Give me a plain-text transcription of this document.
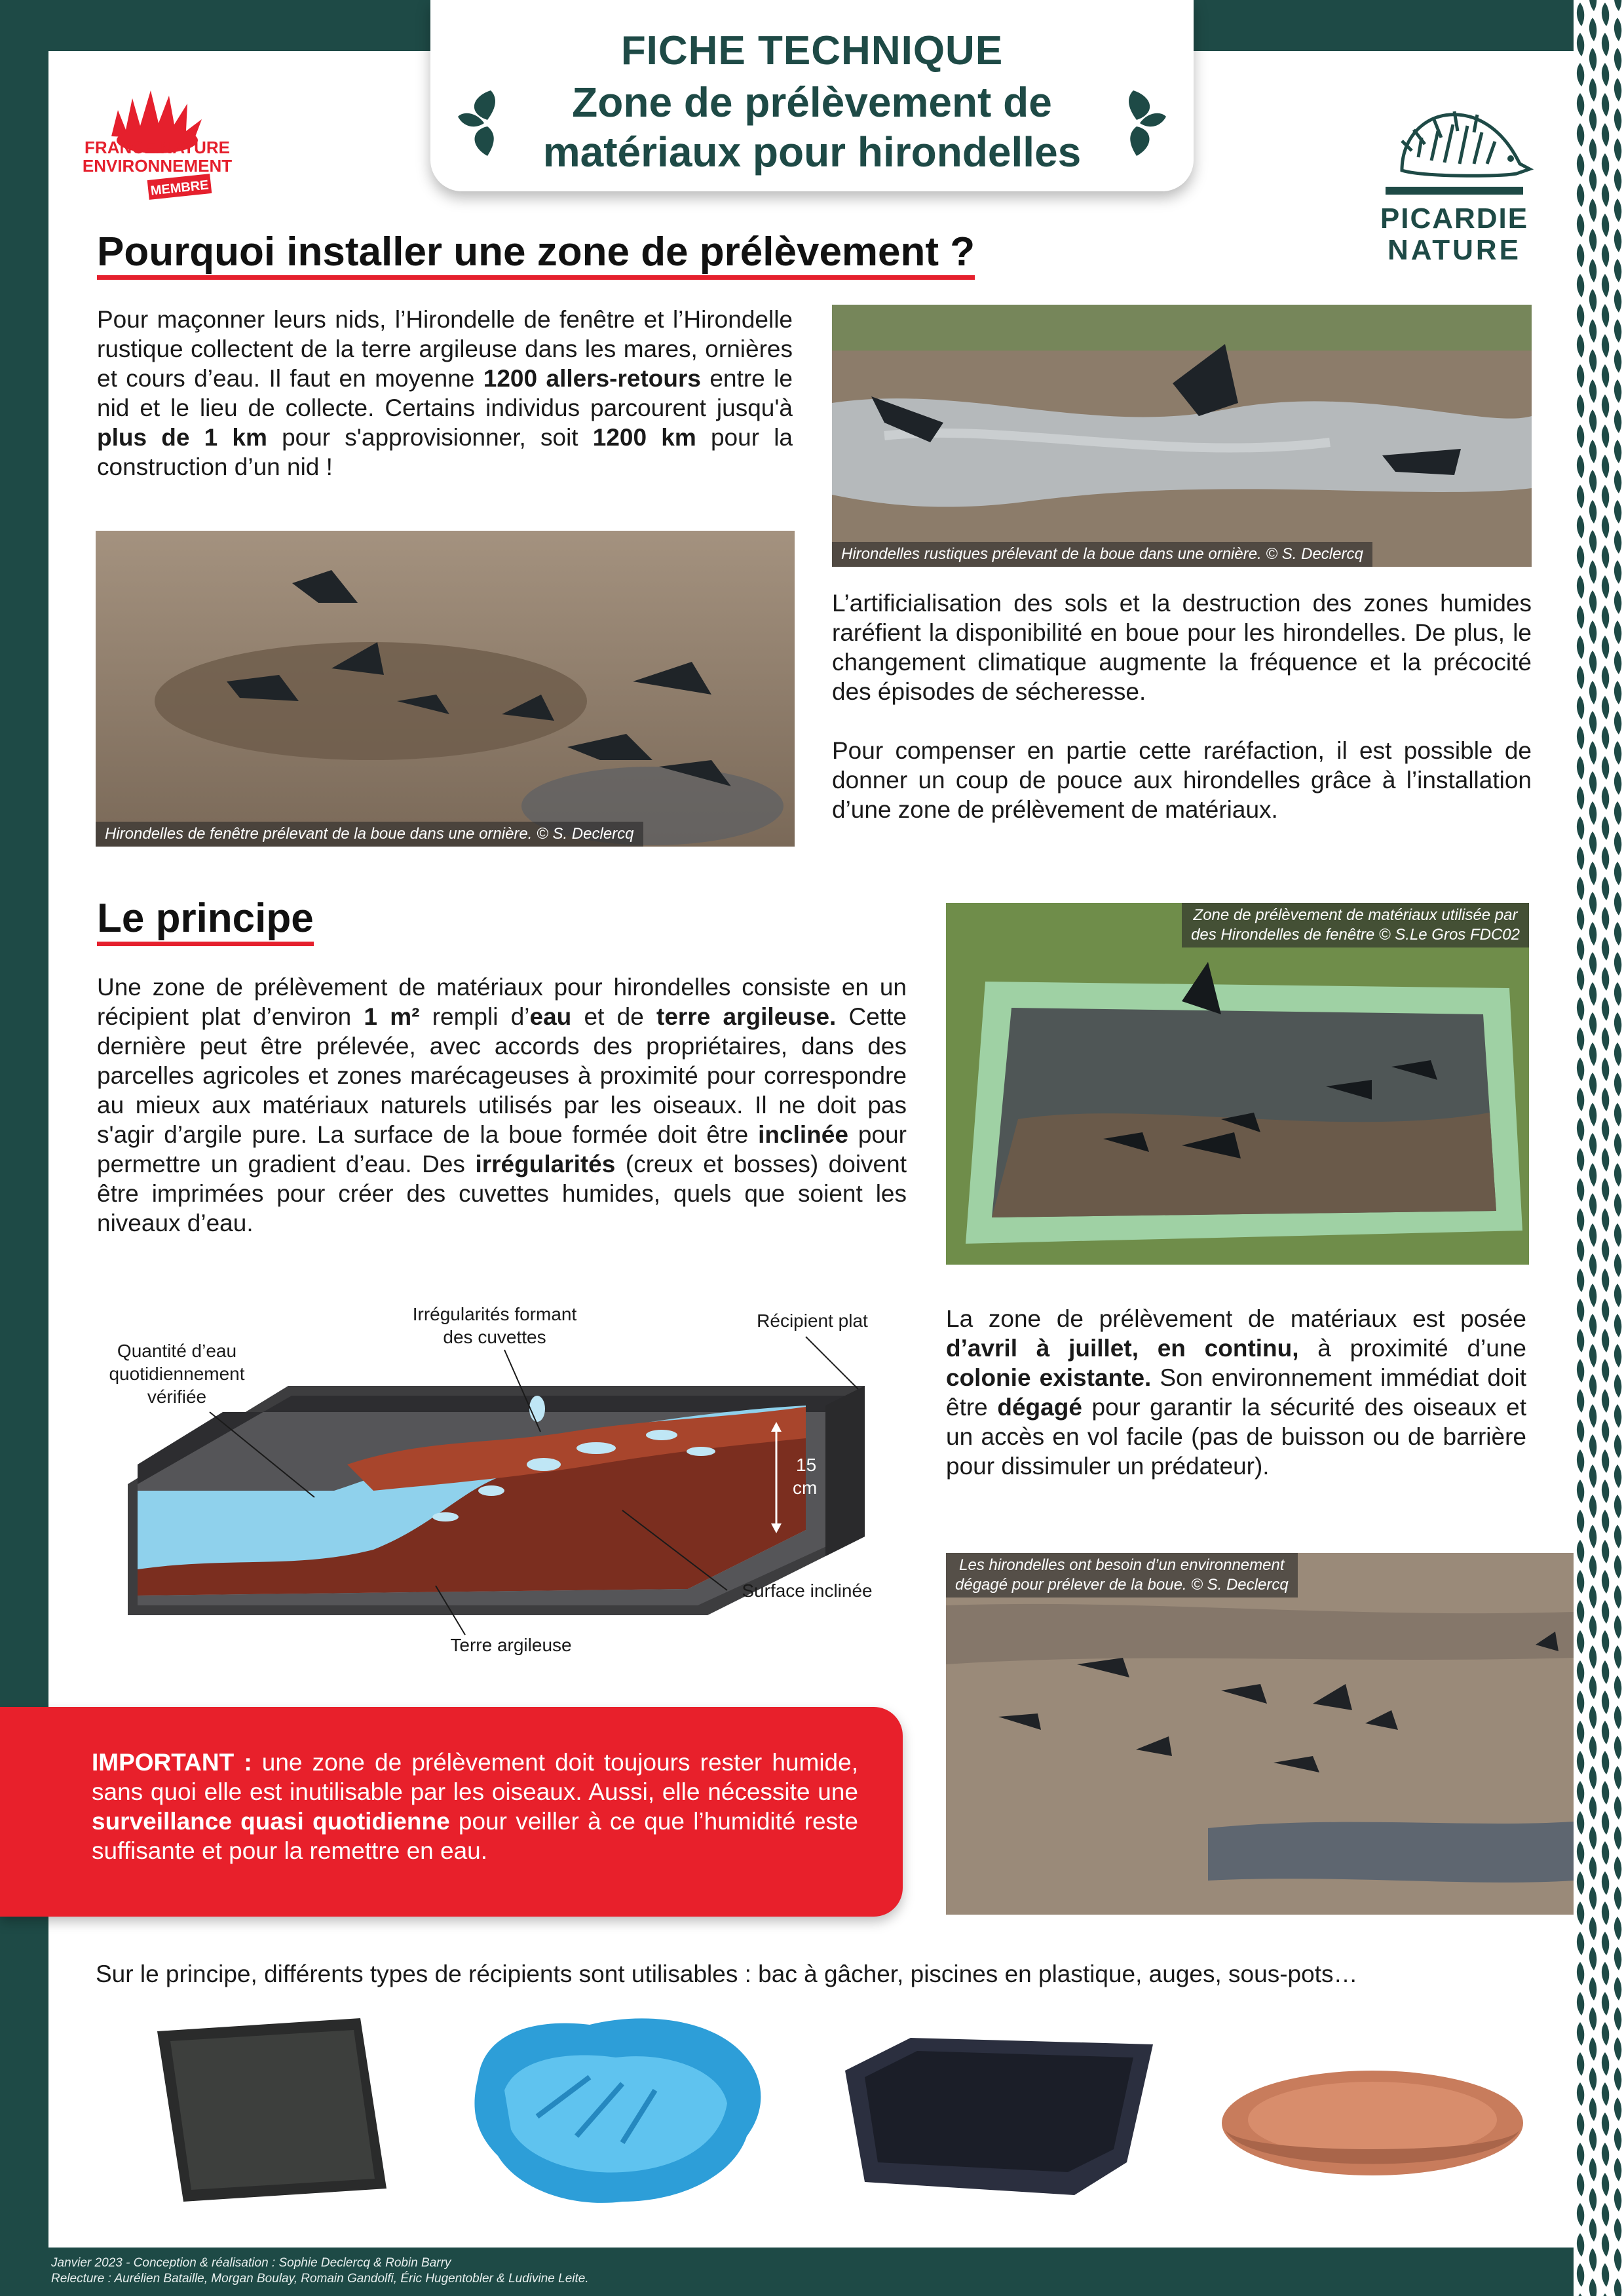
FICHE TECHNIQUE
Zone de prélèvement de
matériaux pour hirondelles
FRANCE NATURE
ENVIRONNEMENT
MEMBRE
PICARDIE
NATURE
Pourquoi installer une zone de prélèvement ?
Pour maçonner leurs nids, l’Hirondelle de fenêtre et l’Hirondelle rustique collectent de la terre argileuse dans les mares, ornières et cours d’eau. Il faut en moyenne 1200 allers-retours entre le nid et le lieu de collecte. Certains individus parcourent jusqu'à plus de 1 km pour s'approvisionner, soit 1200 km pour la construction d’un nid !
Hirondelles de fenêtre prélevant de la boue dans une ornière. © S. Declercq
Hirondelles rustiques prélevant de la boue dans une ornière. © S. Declercq
L’artificialisation des sols et la destruction des zones humides raréfient la disponibilité en boue pour les hirondelles. De plus, le changement climatique augmente la fréquence et la précocité des épisodes de sécheresse.
Pour compenser en partie cette raréfaction, il est possible de donner un coup de pouce aux hirondelles grâce à l’installation d’une zone de prélèvement de matériaux.
Le principe
Une zone de prélèvement de matériaux pour hirondelles consiste en un récipient plat d’environ 1 m² rempli d’eau et de terre argileuse. Cette dernière peut être prélevée, avec accords des propriétaires, dans des parcelles agricoles et zones marécageuses à proximité pour correspondre au mieux aux matériaux naturels utilisés par les oiseaux. Il ne doit pas s'agir d’argile pure. La surface de la boue formée doit être inclinée pour permettre un gradient d’eau. Des irrégularités (creux et bosses) doivent être imprimées pour créer des cuvettes humides, quels que soient les niveaux d’eau.
Zone de prélèvement de matériaux utilisée par
des Hirondelles de fenêtre © S.Le Gros FDC02
La zone de prélèvement de matériaux est posée d’avril à juillet, en continu, à proximité d’une colonie existante. Son environnement immédiat doit être dégagé pour garantir la sécurité des oiseaux et un accès en vol facile (pas de buisson ou de barrière pour dissimuler un prédateur).
15
cm
Quantité d’eau
quotidiennement
vérifiée
Irrégularités formant
des cuvettes
Récipient plat
Surface inclinée
Terre argileuse
IMPORTANT : une zone de prélèvement doit toujours rester humide, sans quoi elle est inutilisable par les oiseaux. Aussi, elle nécessite une surveillance quasi quotidienne pour veiller à ce que l’humidité reste suffisante et pour la remettre en eau.
Les hirondelles ont besoin d’un environnement
dégagé pour prélever de la boue. © S. Declercq
Sur le principe, différents types de récipients sont utilisables : bac à gâcher, piscines en plastique, auges, sous-pots…
Janvier 2023 - Conception & réalisation : Sophie Declercq & Robin Barry
Relecture : Aurélien Bataille, Morgan Boulay, Romain Gandolfi, Éric Hugentobler & Ludivine Leite.
